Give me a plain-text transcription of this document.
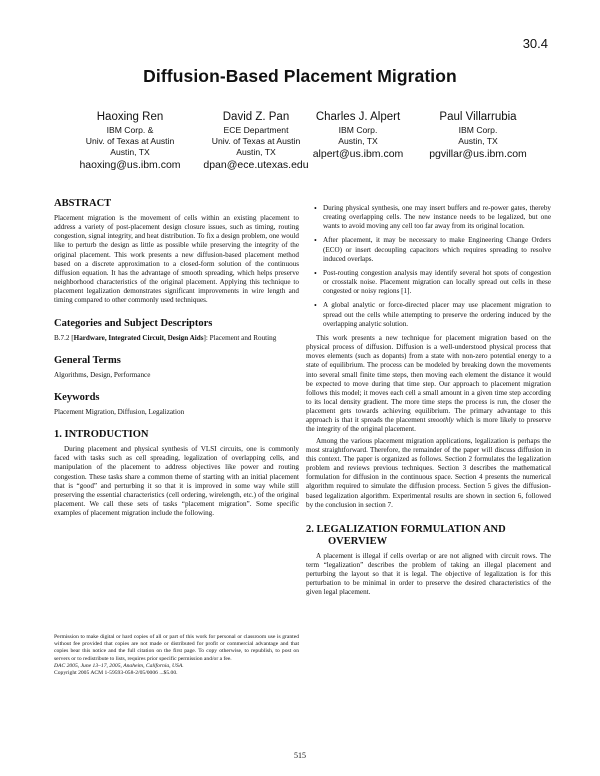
30.4
Diffusion-Based Placement Migration
Haoxing Ren
IBM Corp. &
Univ. of Texas at Austin
Austin, TX
haoxing@us.ibm.com
David Z. Pan
ECE Department
Univ. of Texas at Austin
Austin, TX
dpan@ece.utexas.edu
Charles J. Alpert
IBM Corp.
Austin, TX
alpert@us.ibm.com
Paul Villarrubia
IBM Corp.
Austin, TX
pgvillar@us.ibm.com
ABSTRACT

Placement migration is the movement of cells within an existing placement to address a variety of post-placement design closure issues, such as timing, routing congestion, signal integrity, and heat distribution. To fix a design problem, one would like to perturb the design as little as possible while preserving the integrity of the original placement. This work presents a new diffusion-based placement method based on a discrete approximation to a closed-form solution of the continuous diffusion equation. It has the advantage of smooth spreading, which helps preserve neighborhood characteristics of the original placement. Applying this technique to placement legalization demonstrates significant improvements in wire length and timing compared to other commonly used techniques.

Categories and Subject Descriptors

B.7.2 [Hardware, Integrated Circuit, Design Aids]: Placement and Routing

General Terms

Algorithms, Design, Performance

Keywords

Placement Migration, Diffusion, Legalization

1. INTRODUCTION

During placement and physical synthesis of VLSI circuits, one is commonly faced with tasks such as cell spreading, legalization of overlapping cells, and manipulation of the placement to address objectives like power and routing congestion. These tasks share a common theme of starting with an initial placement that is “good” and perturbing it so that it is improved in some way while still preserving the essential characteristics (cell ordering, wirelength, etc.) of the original placement. We call these sets of tasks “placement migration”. Some specific examples of placement migration include the following.

Permission to make digital or hard copies of all or part of this work for personal or classroom use is granted without fee provided that copies are not made or distributed for profit or commercial advantage and that copies bear this notice and the full citation on the first page. To copy otherwise, to republish, to post on servers or to redistribute to lists, requires prior specific permission and/or a fee.

DAC 2005, June 13–17, 2005, Anaheim, California, USA.

Copyright 2005 ACM 1-59593-058-2/05/0006 ...$5.00.

• During physical synthesis, one may insert buffers and re-power gates, thereby creating overlapping cells. The new instance needs to be legalized, but one wants to avoid moving any cell too far away from its original location.
• After placement, it may be necessary to make Engineering Change Orders (ECO) or insert decoupling capacitors which requires spreading to resolve induced overlaps.
• Post-routing congestion analysis may identify several hot spots of congestion or crosstalk noise. Placement migration can locally spread out cells in these congested or noisy regions [1].
• A global analytic or force-directed placer may use placement migration to spread out the cells while attempting to preserve the ordering induced by the overlapping analytic solution.

This work presents a new technique for placement migration based on the physical process of diffusion. Diffusion is a well-understood physical process that moves elements (such as dopants) from a state with non-zero potential energy to a state of equilibrium. The process can be modeled by breaking down the movements into several small finite time steps, then moving each element the distance it would be expected to move during that time step. Our approach to placement migration follows this model; it moves each cell a small amount in a given time step according to its local density gradient. The more time steps the process is run, the closer the placement gets towards achieving equilibrium. The primary advantage to this approach is that it spreads the placement smoothly which is more likely to preserve the integrity of the original placement.

Among the various placement migration applications, legalization is perhaps the most straightforward. Therefore, the remainder of the paper will discuss diffusion in this context. The paper is organized as follows. Section 2 formulates the legalization problem and reviews previous techniques. Section 3 describes the mathematical formulation for diffusion in the continuous space. Section 4 presents the numerical algorithm required to simulate the diffusion process. Section 5 gives the diffusion-based legalization algorithm. Experimental results are shown in section 6, followed by the conclusion in section 7.

2. LEGALIZATION FORMULATION AND
OVERVIEW

A placement is illegal if cells overlap or are not aligned with circuit rows. The term “legalization” describes the problem of taking an illegal placement and perturbing the layout so that it is legal. The objective of legalization is for this perturbation to be minimal in order to preserve the desired characteristics of the given legal placement.

515
